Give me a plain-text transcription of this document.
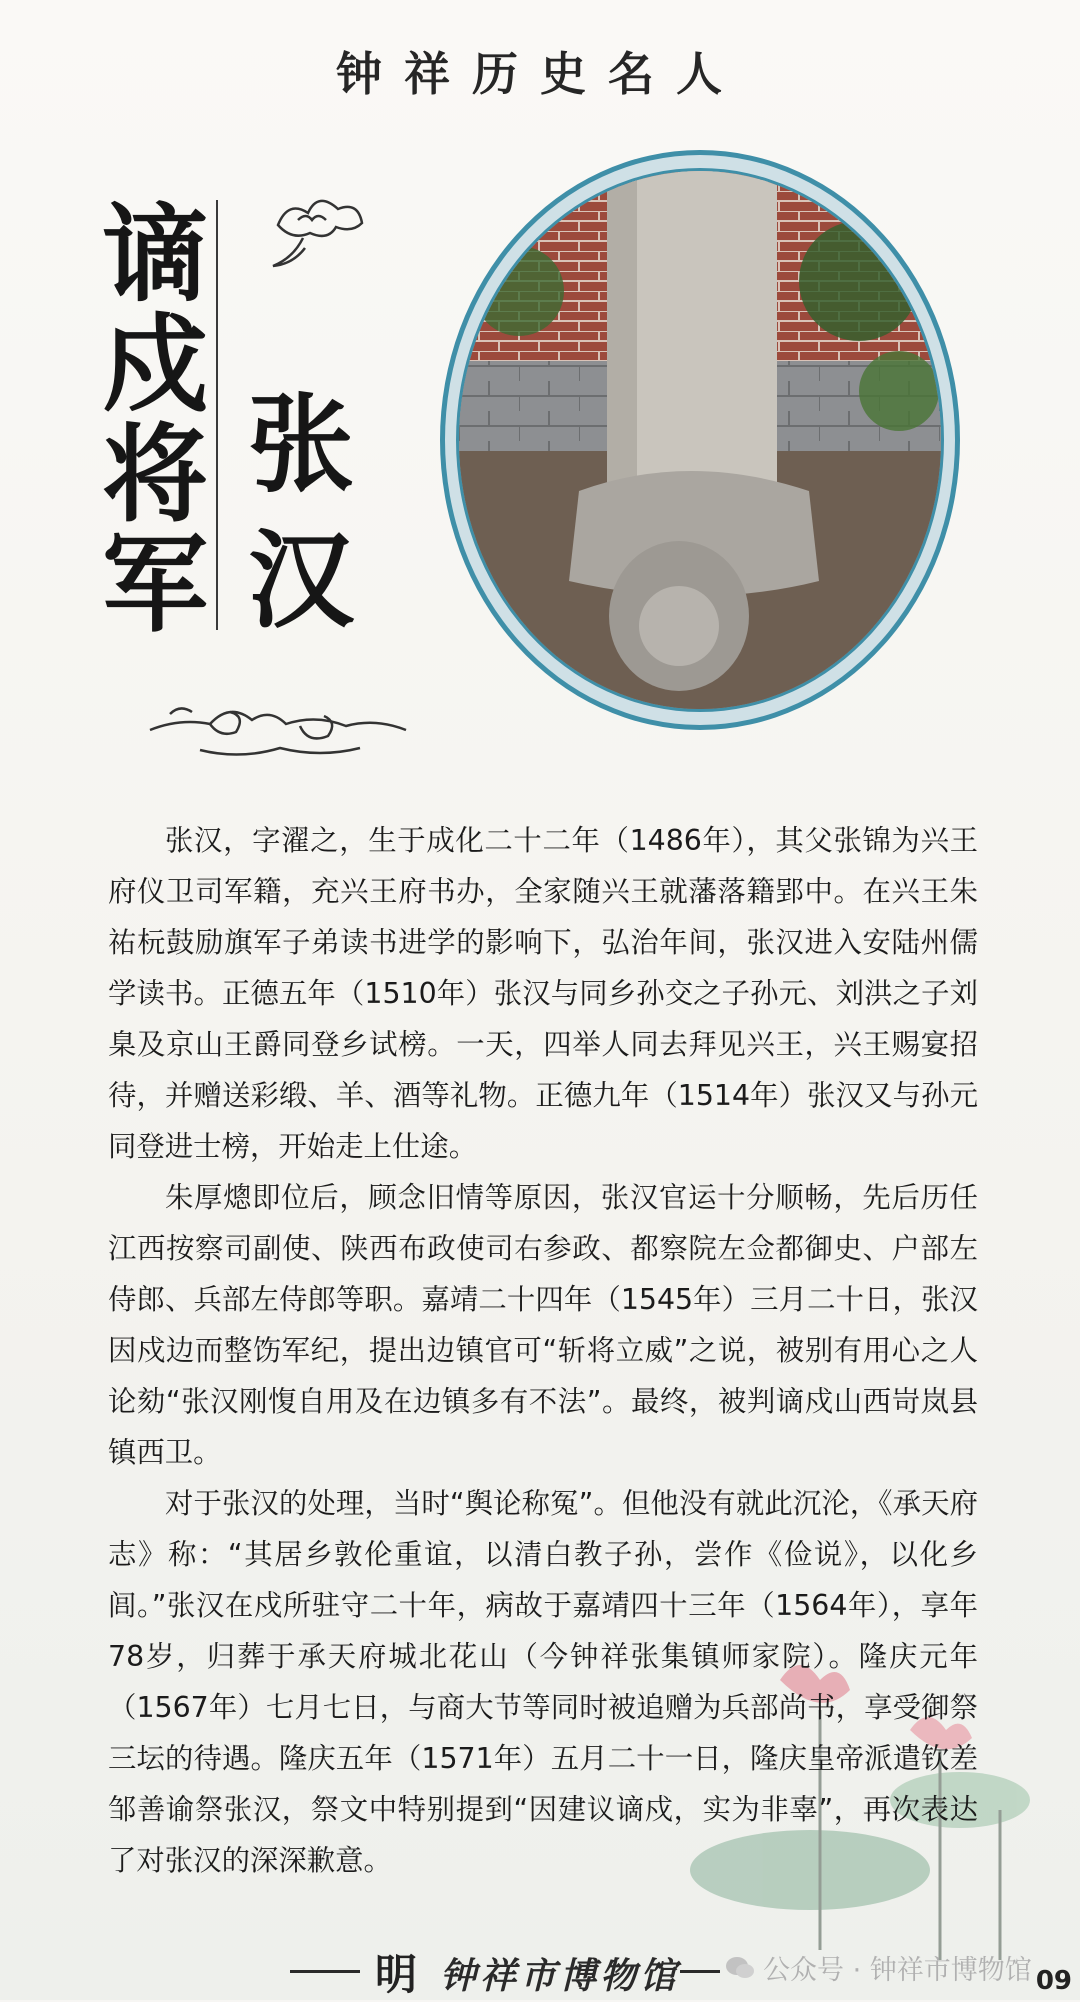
钟祥历史名人
谪戍将军 张汉

张汉，字濯之，生于成化二十二年（1486年），其父张锦为兴王府仪卫司军籍，充兴王府书办，全家随兴王就藩落籍郢中。在兴王朱祐杬鼓励旗军子弟读书进学的影响下，弘治年间，张汉进入安陆州儒学读书。正德五年（1510年）张汉与同乡孙交之子孙元、刘洪之子刘臬及京山王爵同登乡试榜。一天，四举人同去拜见兴王，兴王赐宴招待，并赠送彩缎、羊、酒等礼物。正德九年（1514年）张汉又与孙元同登进士榜，开始走上仕途。

朱厚熜即位后，顾念旧情等原因，张汉官运十分顺畅，先后历任江西按察司副使、陕西布政使司右参政、都察院左佥都御史、户部左侍郎、兵部左侍郎等职。嘉靖二十四年（1545年）三月二十日，张汉因戍边而整饬军纪，提出边镇官可“斩将立威”之说，被别有用心之人论劾“张汉刚愎自用及在边镇多有不法”。最终，被判谪戍山西岢岚县镇西卫。

对于张汉的处理，当时“舆论称冤”。但他没有就此沉沦，《承天府志》称：“其居乡敦伦重谊，以清白教子孙，尝作《俭说》，以化乡闾。”张汉在戍所驻守二十年，病故于嘉靖四十三年（1564年），享年78岁，归葬于承天府城北花山（今钟祥张集镇师家院）。隆庆元年（1567年）七月七日，与商大节等同时被追赠为兵部尚书，享受御祭三坛的待遇。隆庆五年（1571年）五月二十一日，隆庆皇帝派遣钦差邹善谕祭张汉，祭文中特别提到“因建议谪戍，实为非辜”，再次表达了对张汉的深深歉意。

明 钟祥市博物馆	公众号 · 钟祥市博物馆 09
